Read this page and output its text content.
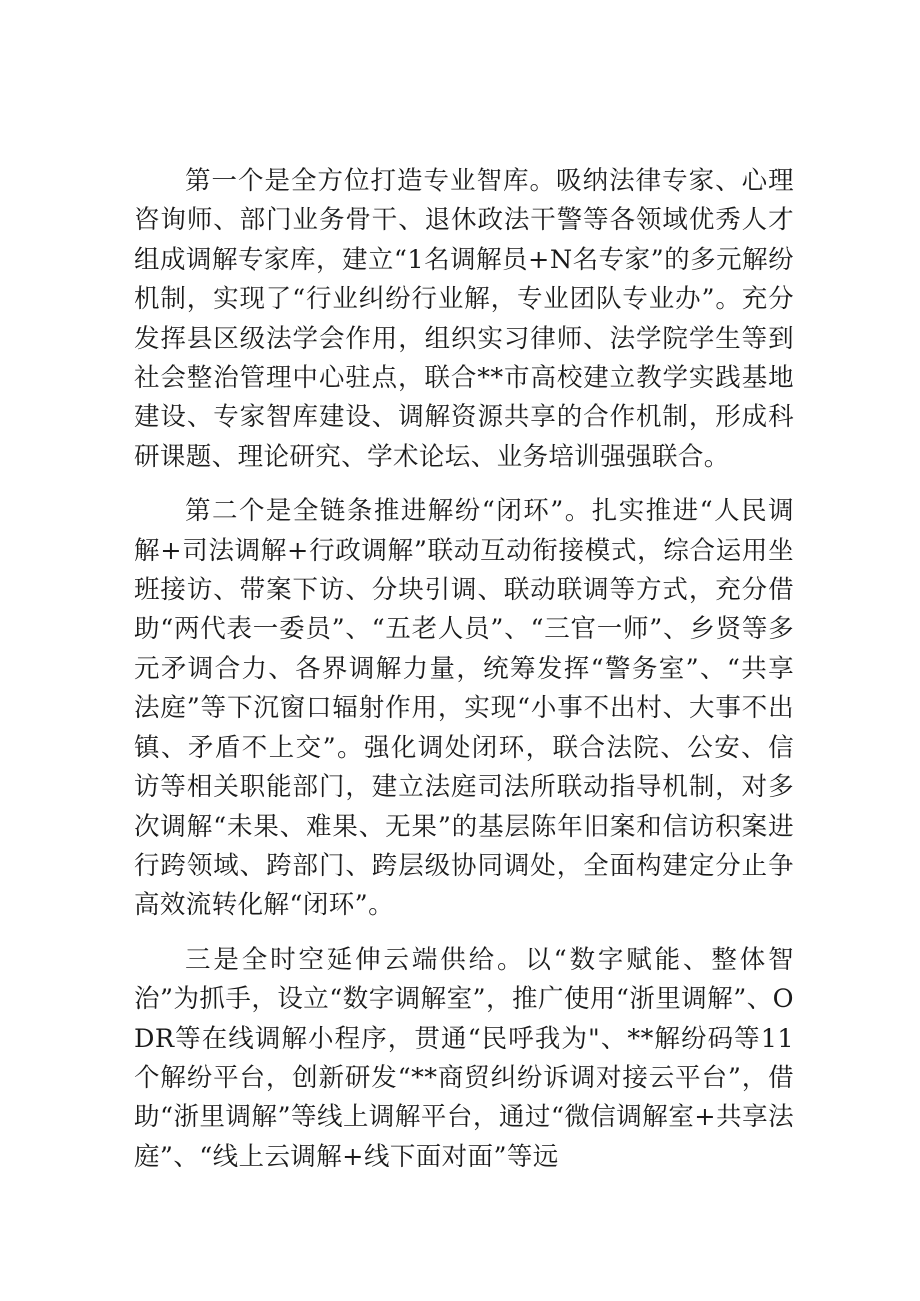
第一个是全方位打造专业智库。吸纳法律专家、心理咨询师、部门业务骨干、退休政法干警等各领域优秀人才组成调解专家库，建立“1名调解员+N名专家”的多元解纷机制，实现了“行业纠纷行业解，专业团队专业办”。充分发挥县区级法学会作用，组织实习律师、法学院学生等到社会整治管理中心驻点，联合**市高校建立教学实践基地建设、专家智库建设、调解资源共享的合作机制，形成科研课题、理论研究、学术论坛、业务培训强强联合。

第二个是全链条推进解纷“闭环”。扎实推进“人民调解+司法调解+行政调解”联动互动衔接模式，综合运用坐班接访、带案下访、分块引调、联动联调等方式，充分借助“两代表一委员”、“五老人员”、“三官一师”、乡贤等多元矛调合力、各界调解力量，统筹发挥“警务室”、“共享法庭”等下沉窗口辐射作用，实现“小事不出村、大事不出镇、矛盾不上交”。强化调处闭环，联合法院、公安、信访等相关职能部门，建立法庭司法所联动指导机制，对多次调解“未果、难果、无果”的基层陈年旧案和信访积案进行跨领域、跨部门、跨层级协同调处，全面构建定分止争高效流转化解“闭环”。

三是全时空延伸云端供给。以“数字赋能、整体智治”为抓手，设立“数字调解室”，推广使用“浙里调解”、ODR等在线调解小程序，贯通“民呼我为"、**解纷码等11个解纷平台，创新研发“**商贸纠纷诉调对接云平台”，借助“浙里调解”等线上调解平台，通过“微信调解室+共享法庭”、“线上云调解+线下面对面”等远
